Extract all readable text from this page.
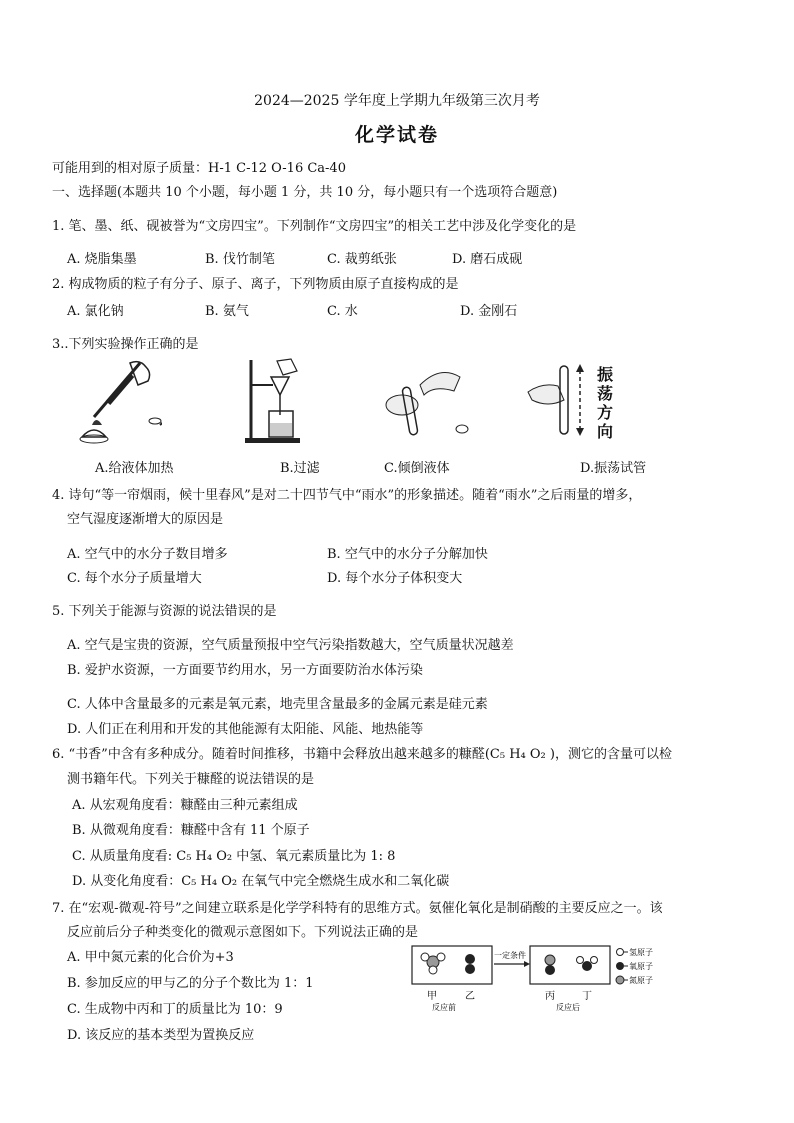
2024—2025 学年度上学期九年级第三次月考
化学试卷
可能用到的相对原子质量：H-1 C-12 O-16 Ca-40
一、选择题(本题共 10 个小题，每小题 1 分，共 10 分，每小题只有一个选项符合题意)
1. 笔、墨、纸、砚被誉为“文房四宝”。下列制作“文房四宝”的相关工艺中涉及化学变化的是
A. 烧脂集墨	B. 伐竹制笔	C. 裁剪纸张	D. 磨石成砚
2. 构成物质的粒子有分子、原子、离子，下列物质由原子直接构成的是
A. 氯化钠	B. 氨气	C. 水	D. 金刚石
3..下列实验操作正确的是
振荡方向
A.给液体加热	B.过滤	C.倾倒液体	D.振荡试管
4. 诗句“等一帘烟雨，候十里春风”是对二十四节气中“雨水”的形象描述。随着“雨水”之后雨量的增多，
空气湿度逐渐增大的原因是
A. 空气中的水分子数目增多	B. 空气中的水分子分解加快
C. 每个水分子质量增大	D. 每个水分子体积变大
5. 下列关于能源与资源的说法错误的是
A. 空气是宝贵的资源，空气质量预报中空气污染指数越大，空气质量状况越差
B. 爱护水资源，一方面要节约用水，另一方面要防治水体污染
C. 人体中含量最多的元素是氧元素，地壳里含量最多的金属元素是硅元素
D. 人们正在利用和开发的其他能源有太阳能、风能、地热能等
6. “书香”中含有多种成分。随着时间推移，书籍中会释放出越来越多的糠醛(C₅ H₄ O₂ )，测它的含量可以检
测书籍年代。下列关于糠醛的说法错误的是
A. 从宏观角度看：糠醛由三种元素组成
B. 从微观角度看：糠醛中含有 11 个原子
C. 从质量角度看: C₅ H₄ O₂ 中氢、氧元素质量比为 1: 8
D. 从变化角度看：C₅ H₄ O₂ 在氧气中完全燃烧生成水和二氧化碳
7. 在“宏观-微观-符号”之间建立联系是化学学科特有的思维方式。氨催化氧化是制硝酸的主要反应之一。该
反应前后分子种类变化的微观示意图如下。下列说法正确的是
A. 甲中氮元素的化合价为+3
B. 参加反应的甲与乙的分子个数比为 1：1
C. 生成物中丙和丁的质量比为 10：9
D. 该反应的基本类型为置换反应
甲	乙
反应前
一定条件
丙	丁
反应后
氢原子
氧原子
氮原子
